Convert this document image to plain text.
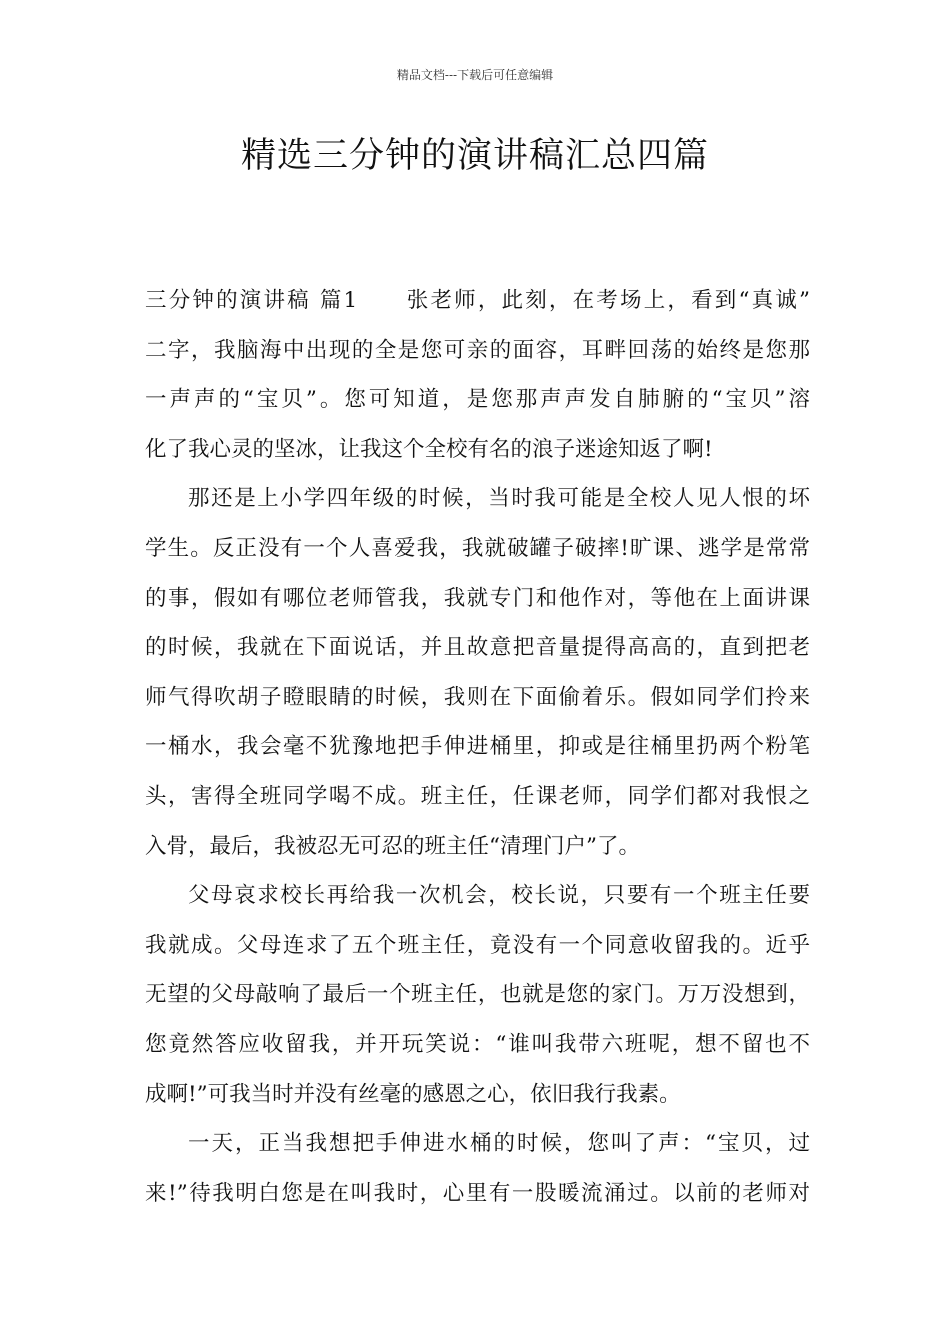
精品文档---下载后可任意编辑
精选三分钟的演讲稿汇总四篇
三分钟的演讲稿 篇1　　张老师，此刻，在考场上，看到“真诚”
二字，我脑海中出现的全是您可亲的面容，耳畔回荡的始终是您那
一声声的“宝贝”。您可知道，是您那声声发自肺腑的“宝贝”溶
化了我心灵的坚冰，让我这个全校有名的浪子迷途知返了啊!
那还是上小学四年级的时候，当时我可能是全校人见人恨的坏
学生。反正没有一个人喜爱我，我就破罐子破摔!旷课、逃学是常常
的事，假如有哪位老师管我，我就专门和他作对，等他在上面讲课
的时候，我就在下面说话，并且故意把音量提得高高的，直到把老
师气得吹胡子瞪眼睛的时候，我则在下面偷着乐。假如同学们拎来
一桶水，我会毫不犹豫地把手伸进桶里，抑或是往桶里扔两个粉笔
头，害得全班同学喝不成。班主任，任课老师，同学们都对我恨之
入骨，最后，我被忍无可忍的班主任“清理门户”了。
父母哀求校长再给我一次机会，校长说，只要有一个班主任要
我就成。父母连求了五个班主任，竟没有一个同意收留我的。近乎
无望的父母敲响了最后一个班主任，也就是您的家门。万万没想到，
您竟然答应收留我，并开玩笑说：“谁叫我带六班呢，想不留也不
成啊!”可我当时并没有丝毫的感恩之心，依旧我行我素。
一天，正当我想把手伸进水桶的时候，您叫了声：“宝贝，过
来!”待我明白您是在叫我时，心里有一股暖流涌过。以前的老师对
